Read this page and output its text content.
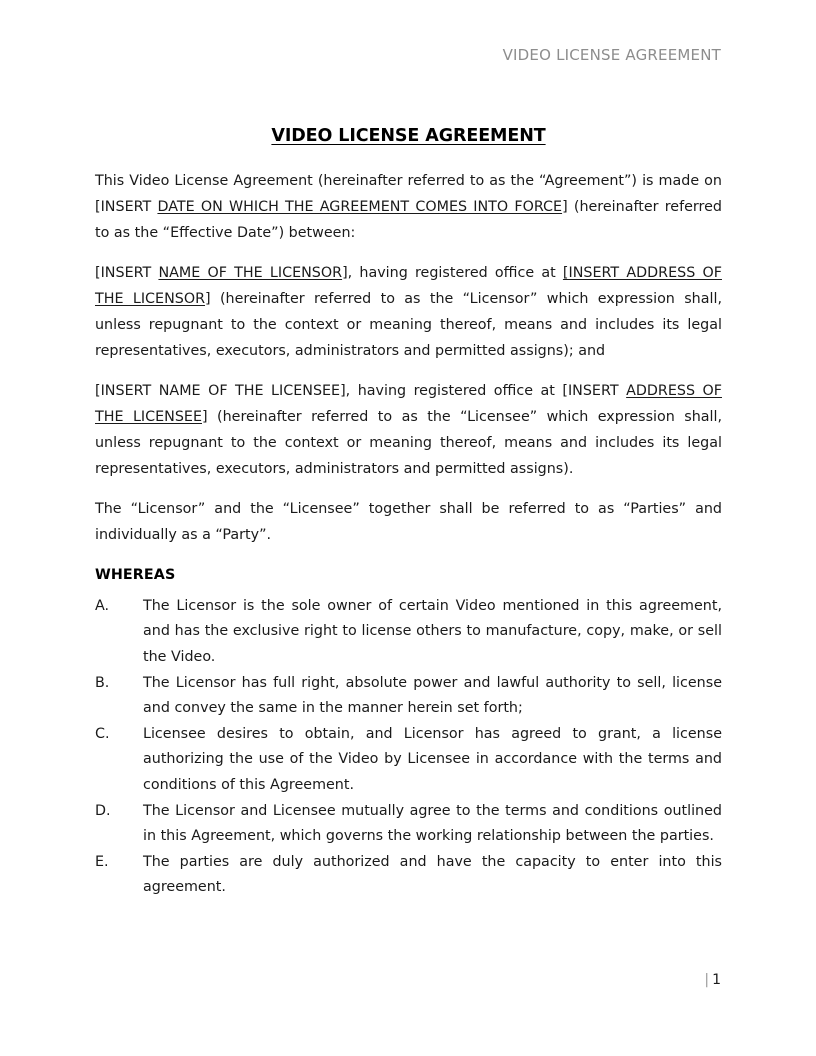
VIDEO LICENSE AGREEMENT
VIDEO LICENSE AGREEMENT

This Video License Agreement (hereinafter referred to as the “Agreement”) is made on [INSERT DATE ON WHICH THE AGREEMENT COMES INTO FORCE] (hereinafter referred to as the “Effective Date”) between:

[INSERT NAME OF THE LICENSOR], having registered office at [INSERT ADDRESS OF THE LICENSOR] (hereinafter referred to as the “Licensor” which expression shall, unless repugnant to the context or meaning thereof, means and includes its legal representatives, executors, administrators and permitted assigns); and

[INSERT NAME OF THE LICENSEE], having registered office at [INSERT ADDRESS OF THE LICENSEE] (hereinafter referred to as the “Licensee” which expression shall, unless repugnant to the context or meaning thereof, means and includes its legal representatives, executors, administrators and permitted assigns).

The “Licensor” and the “Licensee” together shall be referred to as “Parties” and individually as a “Party”.

WHEREAS
A.	The Licensor is the sole owner of certain Video mentioned in this agreement, and has the exclusive right to license others to manufacture, copy, make, or sell the Video.
B.	The Licensor has full right, absolute power and lawful authority to sell, license and convey the same in the manner herein set forth;
C.	Licensee desires to obtain, and Licensor has agreed to grant, a license authorizing the use of the Video by Licensee in accordance with the terms and conditions of this Agreement.
D.	The Licensor and Licensee mutually agree to the terms and conditions outlined in this Agreement, which governs the working relationship between the parties.
E.	The parties are duly authorized and have the capacity to enter into this agreement.
| 1
